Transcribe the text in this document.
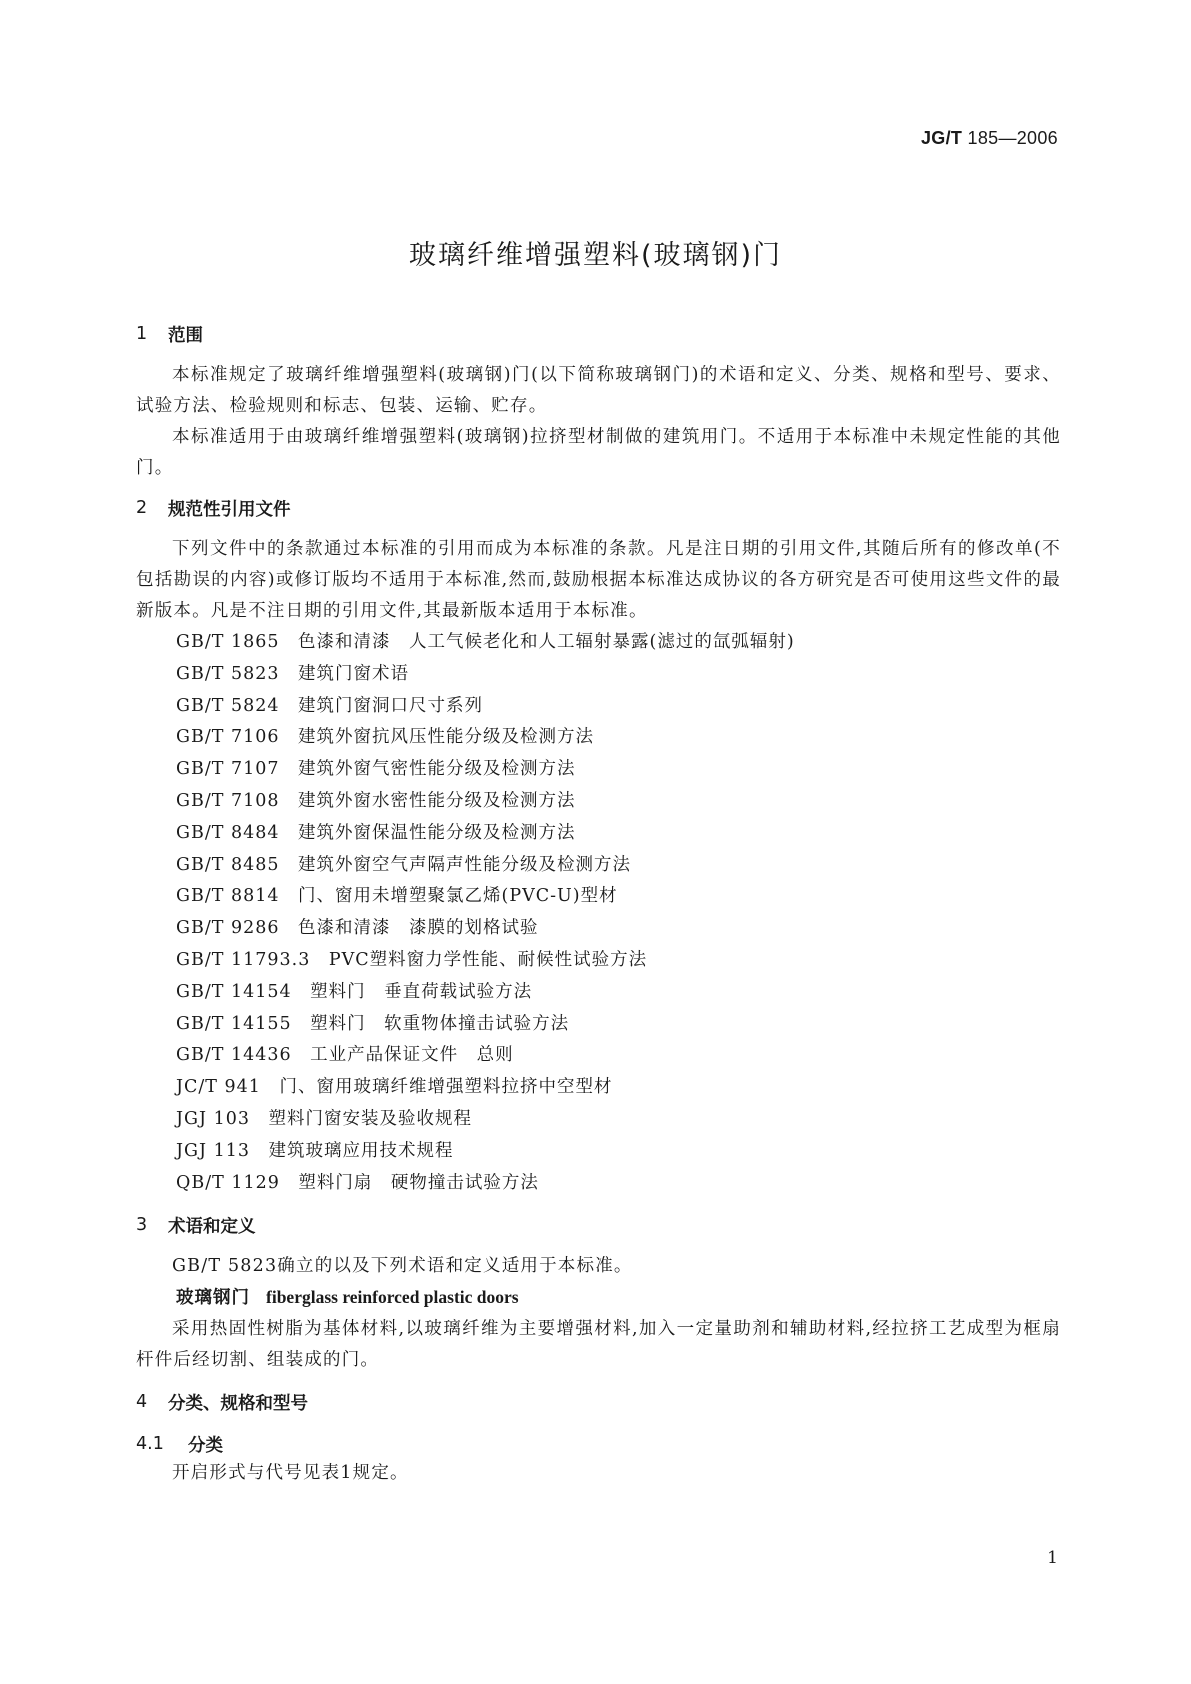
JG/T 185—2006
玻璃纤维增强塑料(玻璃钢)门
1	范围
本标准规定了玻璃纤维增强塑料(玻璃钢)门(以下简称玻璃钢门)的术语和定义、分类、规格和型号、要求、试验方法、检验规则和标志、包装、运输、贮存。
本标准适用于由玻璃纤维增强塑料(玻璃钢)拉挤型材制做的建筑用门。不适用于本标准中未规定性能的其他门。
2	规范性引用文件
下列文件中的条款通过本标准的引用而成为本标准的条款。凡是注日期的引用文件,其随后所有的修改单(不包括勘误的内容)或修订版均不适用于本标准,然而,鼓励根据本标准达成协议的各方研究是否可使用这些文件的最新版本。凡是不注日期的引用文件,其最新版本适用于本标准。
GB/T 1865　 色漆和清漆　人工气候老化和人工辐射暴露(滤过的氙弧辐射)
GB/T 5823　 建筑门窗术语
GB/T 5824　 建筑门窗洞口尺寸系列
GB/T 7106　 建筑外窗抗风压性能分级及检测方法
GB/T 7107　 建筑外窗气密性能分级及检测方法
GB/T 7108　 建筑外窗水密性能分级及检测方法
GB/T 8484　 建筑外窗保温性能分级及检测方法
GB/T 8485　 建筑外窗空气声隔声性能分级及检测方法
GB/T 8814　 门、窗用未增塑聚氯乙烯(PVC-U)型材
GB/T 9286　 色漆和清漆　漆膜的划格试验
GB/T 11793.3　 PVC塑料窗力学性能、耐候性试验方法
GB/T 14154　 塑料门　垂直荷载试验方法
GB/T 14155　 塑料门　软重物体撞击试验方法
GB/T 14436　 工业产品保证文件　总则
JC/T 941　 门、窗用玻璃纤维增强塑料拉挤中空型材
JGJ 103　 塑料门窗安装及验收规程
JGJ 113　 建筑玻璃应用技术规程
QB/T 1129　 塑料门扇　硬物撞击试验方法
3	术语和定义
GB/T 5823确立的以及下列术语和定义适用于本标准。
玻璃钢门 fiberglass reinforced plastic doors
采用热固性树脂为基体材料,以玻璃纤维为主要增强材料,加入一定量助剂和辅助材料,经拉挤工艺成型为框扇杆件后经切割、组装成的门。
4	分类、规格和型号
4.1	分类
开启形式与代号见表1规定。
1
